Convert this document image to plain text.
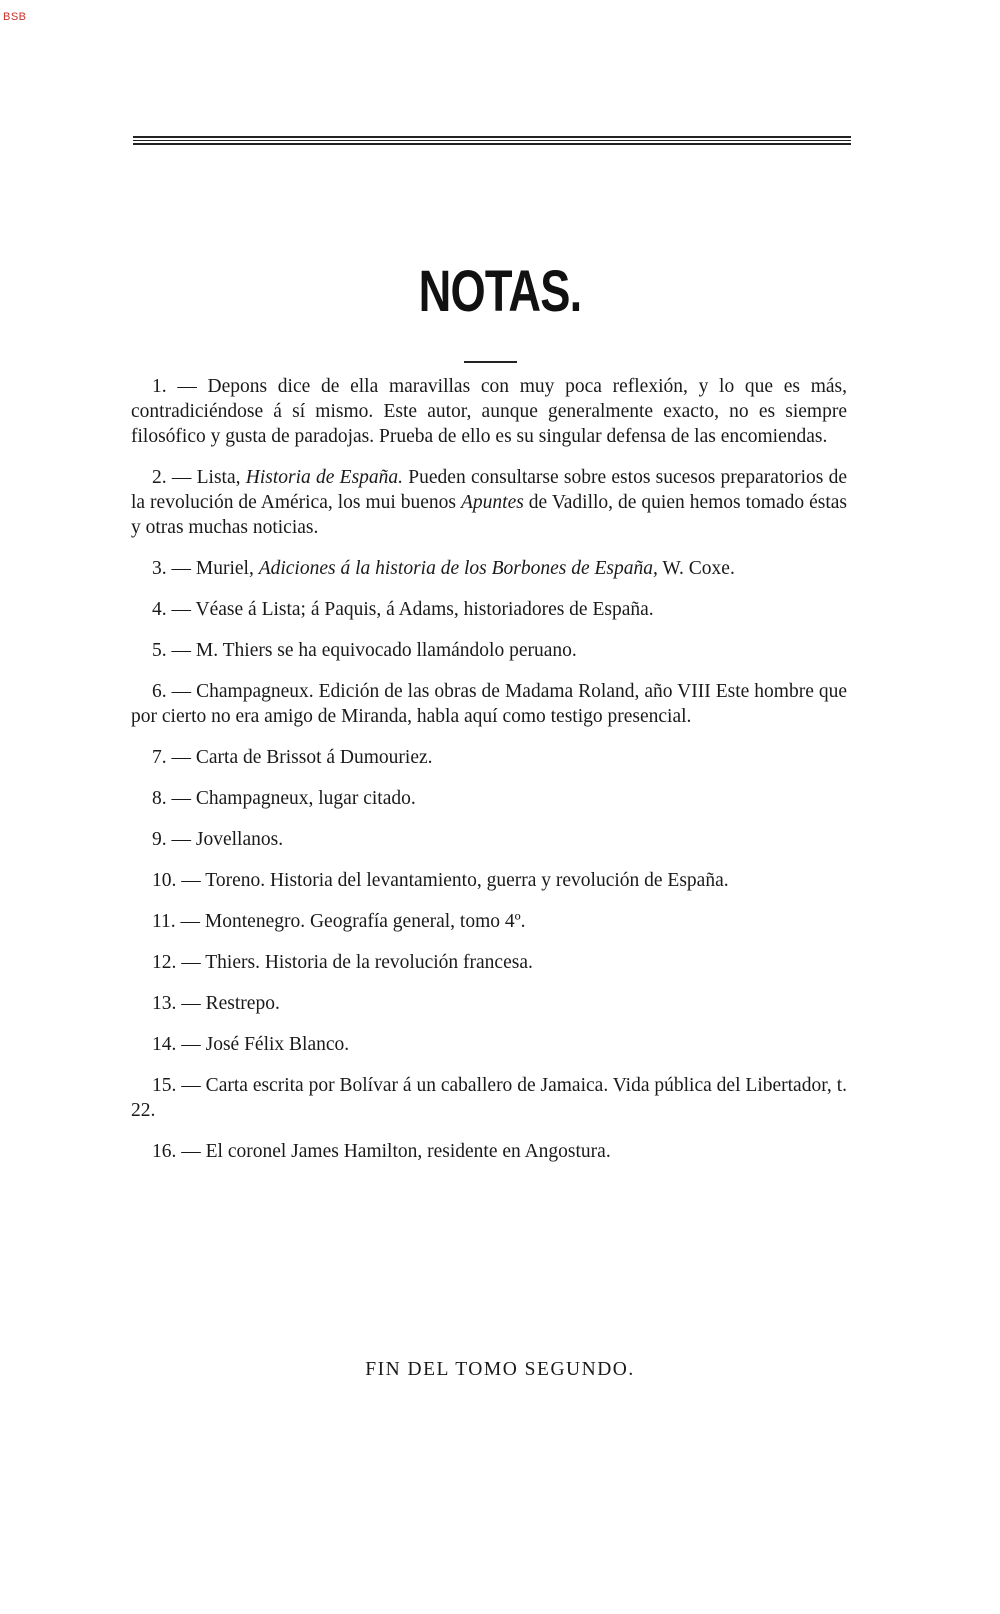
BSB
NOTAS.

1. — Depons dice de ella maravillas con muy poca reflexión, y lo que es más, contradiciéndose á sí mismo. Este autor, aunque generalmente exacto, no es siempre filosófico y gusta de paradojas. Prueba de ello es su singular defensa de las encomiendas.

2. — Lista, Historia de España. Pueden consultarse sobre estos sucesos preparatorios de la revolución de América, los mui buenos Apuntes de Vadillo, de quien hemos tomado éstas y otras muchas noticias.

3. — Muriel, Adiciones á la historia de los Borbones de España, W. Coxe.

4. — Véase á Lista; á Paquis, á Adams, historiadores de España.

5. — M. Thiers se ha equivocado llamándolo peruano.

6. — Champagneux. Edición de las obras de Madama Roland, año VIII Este hombre que por cierto no era amigo de Miranda, habla aquí como testigo presencial.

7. — Carta de Brissot á Dumouriez.

8. — Champagneux, lugar citado.

9. — Jovellanos.

10. — Toreno. Historia del levantamiento, guerra y revolución de España.

11. — Montenegro. Geografía general, tomo 4º.

12. — Thiers. Historia de la revolución francesa.

13. — Restrepo.

14. — José Félix Blanco.

15. — Carta escrita por Bolívar á un caballero de Jamaica. Vida pública del Libertador, t. 22.

16. — El coronel James Hamilton, residente en Angostura.

FIN DEL TOMO SEGUNDO.
